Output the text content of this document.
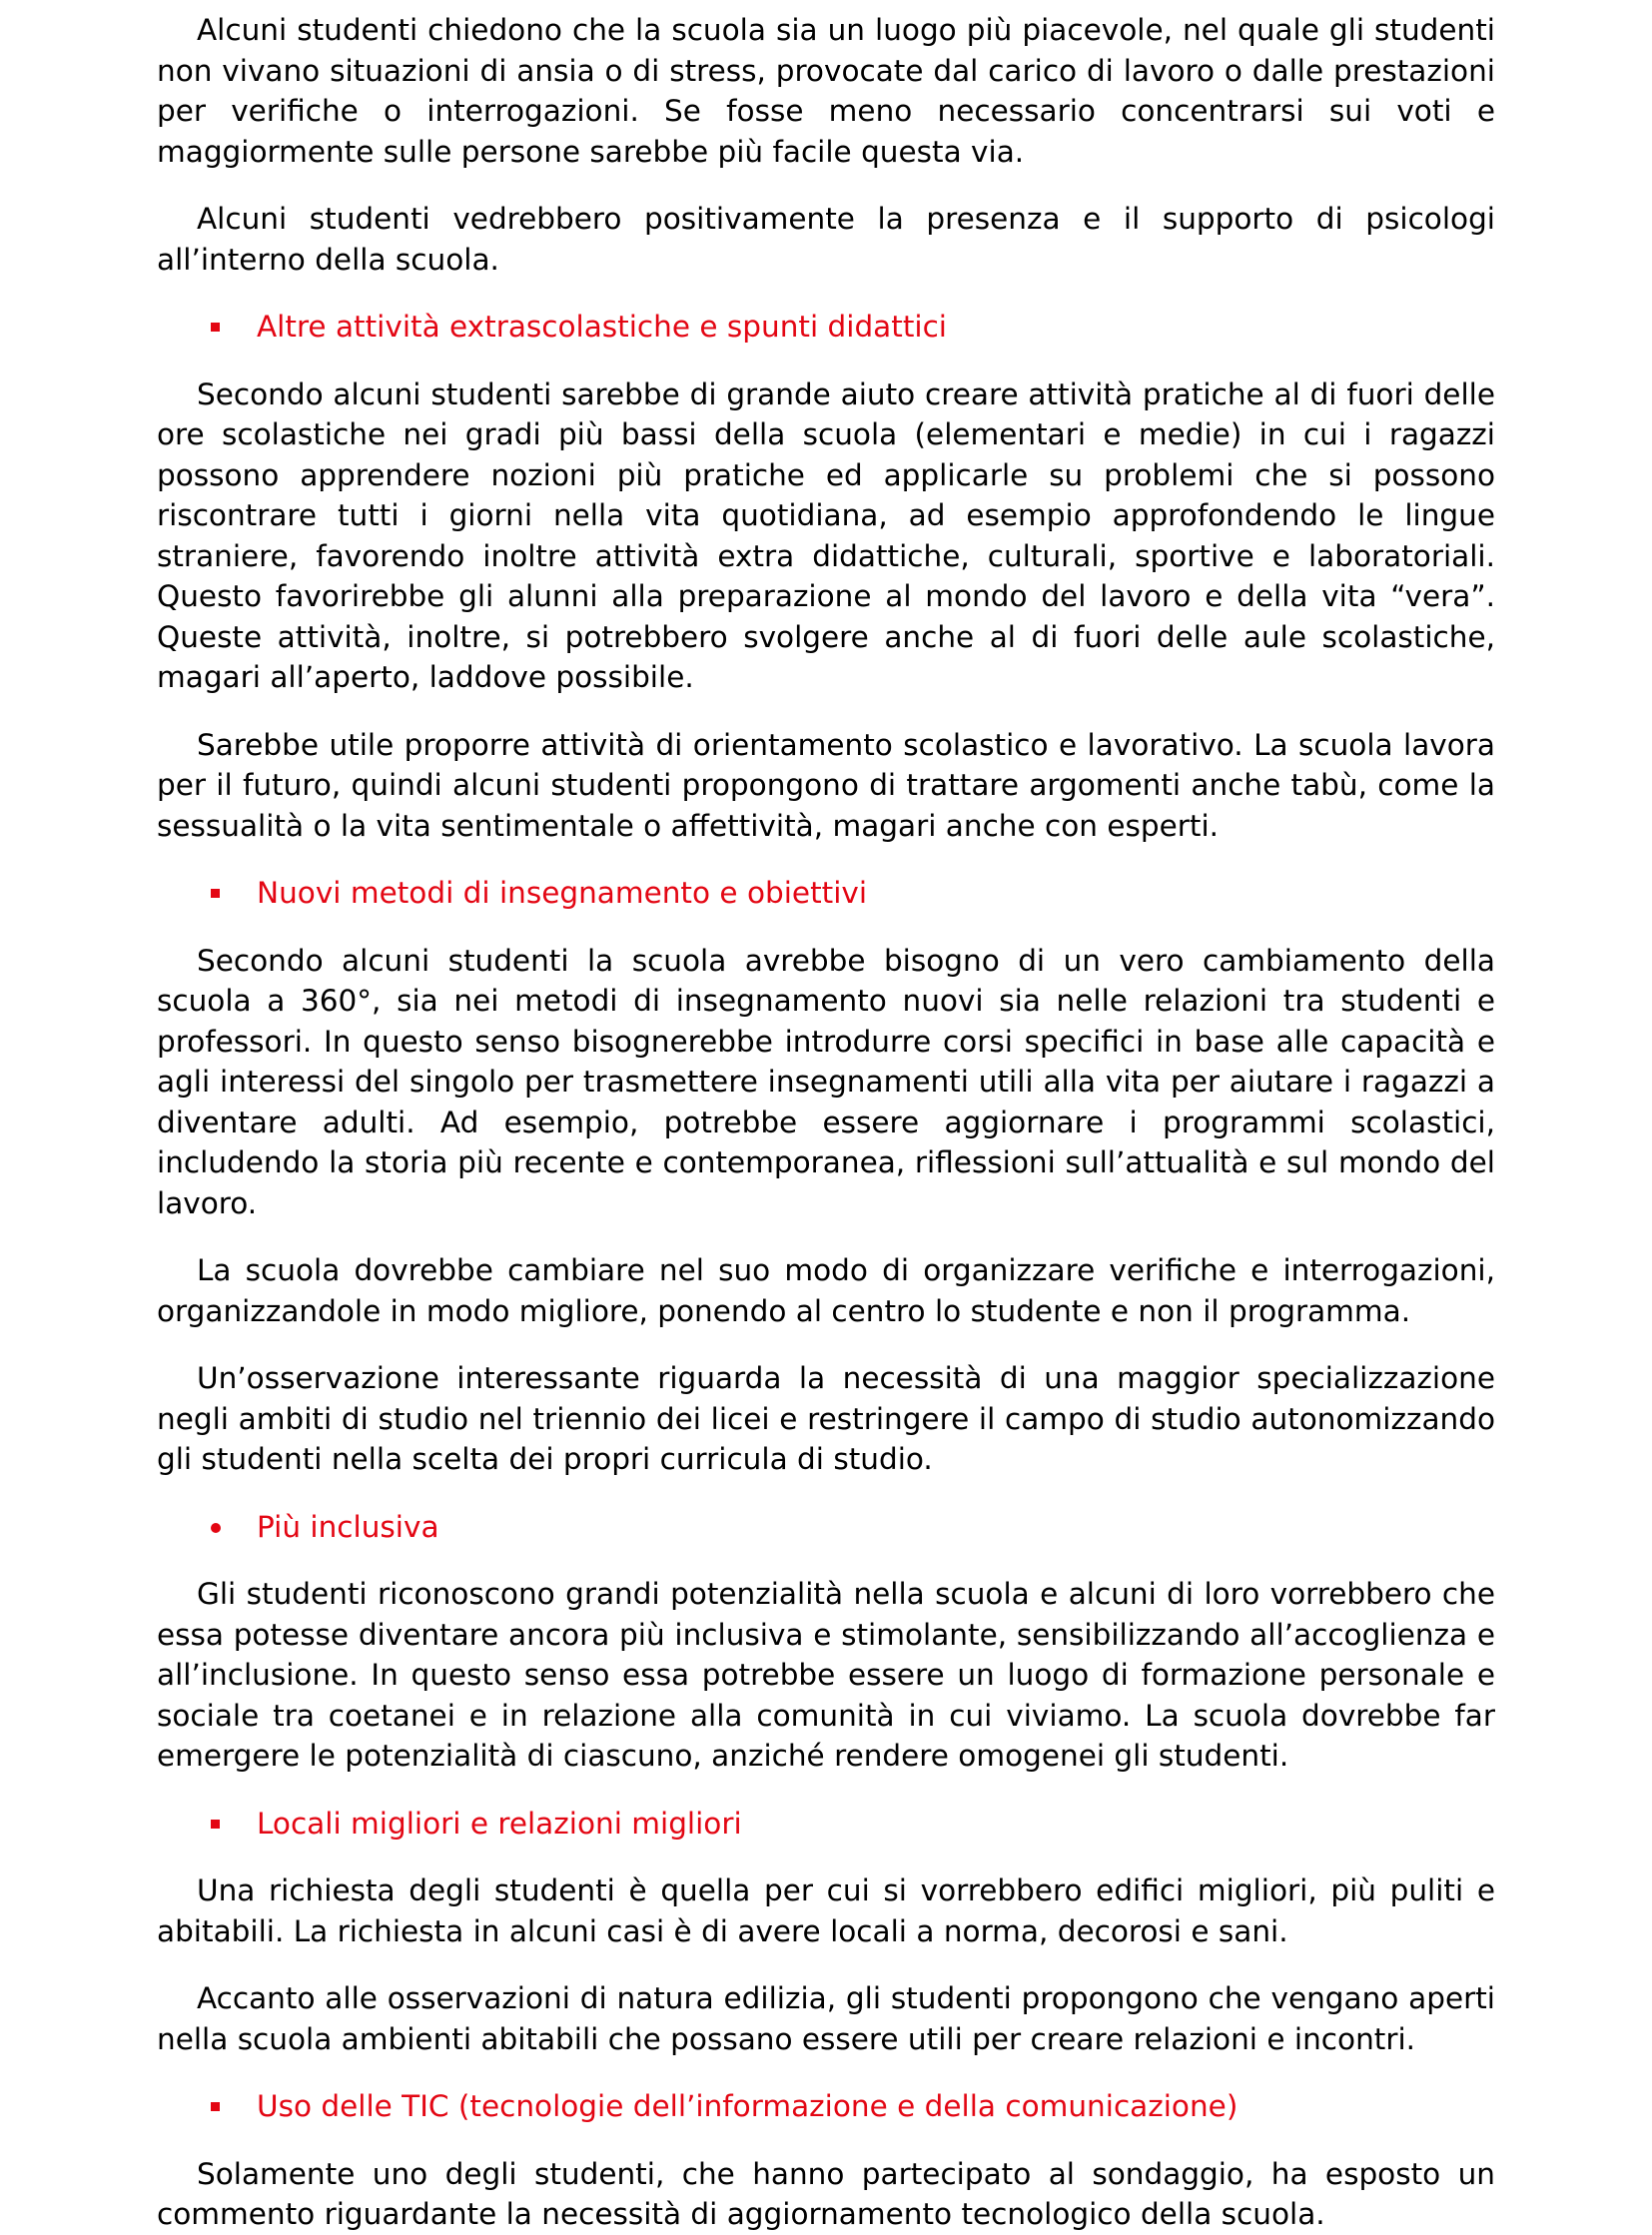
Alcuni studenti chiedono che la scuola sia un luogo più piacevole, nel quale gli studenti non vivano situazioni di ansia o di stress, provocate dal carico di lavoro o dalle prestazioni per verifiche o interrogazioni. Se fosse meno necessario concentrarsi sui voti e maggiormente sulle persone sarebbe più facile questa via.

Alcuni studenti vedrebbero positivamente la presenza e il supporto di psicologi all’interno della scuola.

Altre attività extrascolastiche e spunti didattici

Secondo alcuni studenti sarebbe di grande aiuto creare attività pratiche al di fuori delle ore scolastiche nei gradi più bassi della scuola (elementari e medie) in cui i ragazzi possono apprendere nozioni più pratiche ed applicarle su problemi che si possono riscontrare tutti i giorni nella vita quotidiana, ad esempio approfondendo le lingue straniere, favorendo inoltre attività extra didattiche, culturali, sportive e laboratoriali. Questo favorirebbe gli alunni alla preparazione al mondo del lavoro e della vita “vera”. Queste attività, inoltre, si potrebbero svolgere anche al di fuori delle aule scolastiche, magari all’aperto, laddove possibile.

Sarebbe utile proporre attività di orientamento scolastico e lavorativo. La scuola lavora per il futuro, quindi alcuni studenti propongono di trattare argomenti anche tabù, come la sessualità o la vita sentimentale o affettività, magari anche con esperti.

Nuovi metodi di insegnamento e obiettivi

Secondo alcuni studenti la scuola avrebbe bisogno di un vero cambiamento della scuola a 360°, sia nei metodi di insegnamento nuovi sia nelle relazioni tra studenti e professori. In questo senso bisognerebbe introdurre corsi specifici in base alle capacità e agli interessi del singolo per trasmettere insegnamenti utili alla vita per aiutare i ragazzi a diventare adulti. Ad esempio, potrebbe essere aggiornare i programmi scolastici, includendo la storia più recente e contemporanea, riflessioni sull’attualità e sul mondo del lavoro.

La scuola dovrebbe cambiare nel suo modo di organizzare verifiche e interrogazioni, organizzandole in modo migliore, ponendo al centro lo studente e non il programma.

Un’osservazione interessante riguarda la necessità di una maggior specializzazione negli ambiti di studio nel triennio dei licei e restringere il campo di studio autonomizzando gli studenti nella scelta dei propri curricula di studio.

Più inclusiva

Gli studenti riconoscono grandi potenzialità nella scuola e alcuni di loro vorrebbero che essa potesse diventare ancora più inclusiva e stimolante, sensibilizzando all’accoglienza e all’inclusione. In questo senso essa potrebbe essere un luogo di formazione personale e sociale tra coetanei e in relazione alla comunità in cui viviamo. La scuola dovrebbe far emergere le potenzialità di ciascuno, anziché rendere omogenei gli studenti.

Locali migliori e relazioni migliori

Una richiesta degli studenti è quella per cui si vorrebbero edifici migliori, più puliti e abitabili. La richiesta in alcuni casi è di avere locali a norma, decorosi e sani.

Accanto alle osservazioni di natura edilizia, gli studenti propongono che vengano aperti nella scuola ambienti abitabili che possano essere utili per creare relazioni e incontri.

Uso delle TIC (tecnologie dell’informazione e della comunicazione)

Solamente uno degli studenti, che hanno partecipato al sondaggio, ha esposto un commento riguardante la necessità di aggiornamento tecnologico della scuola.
